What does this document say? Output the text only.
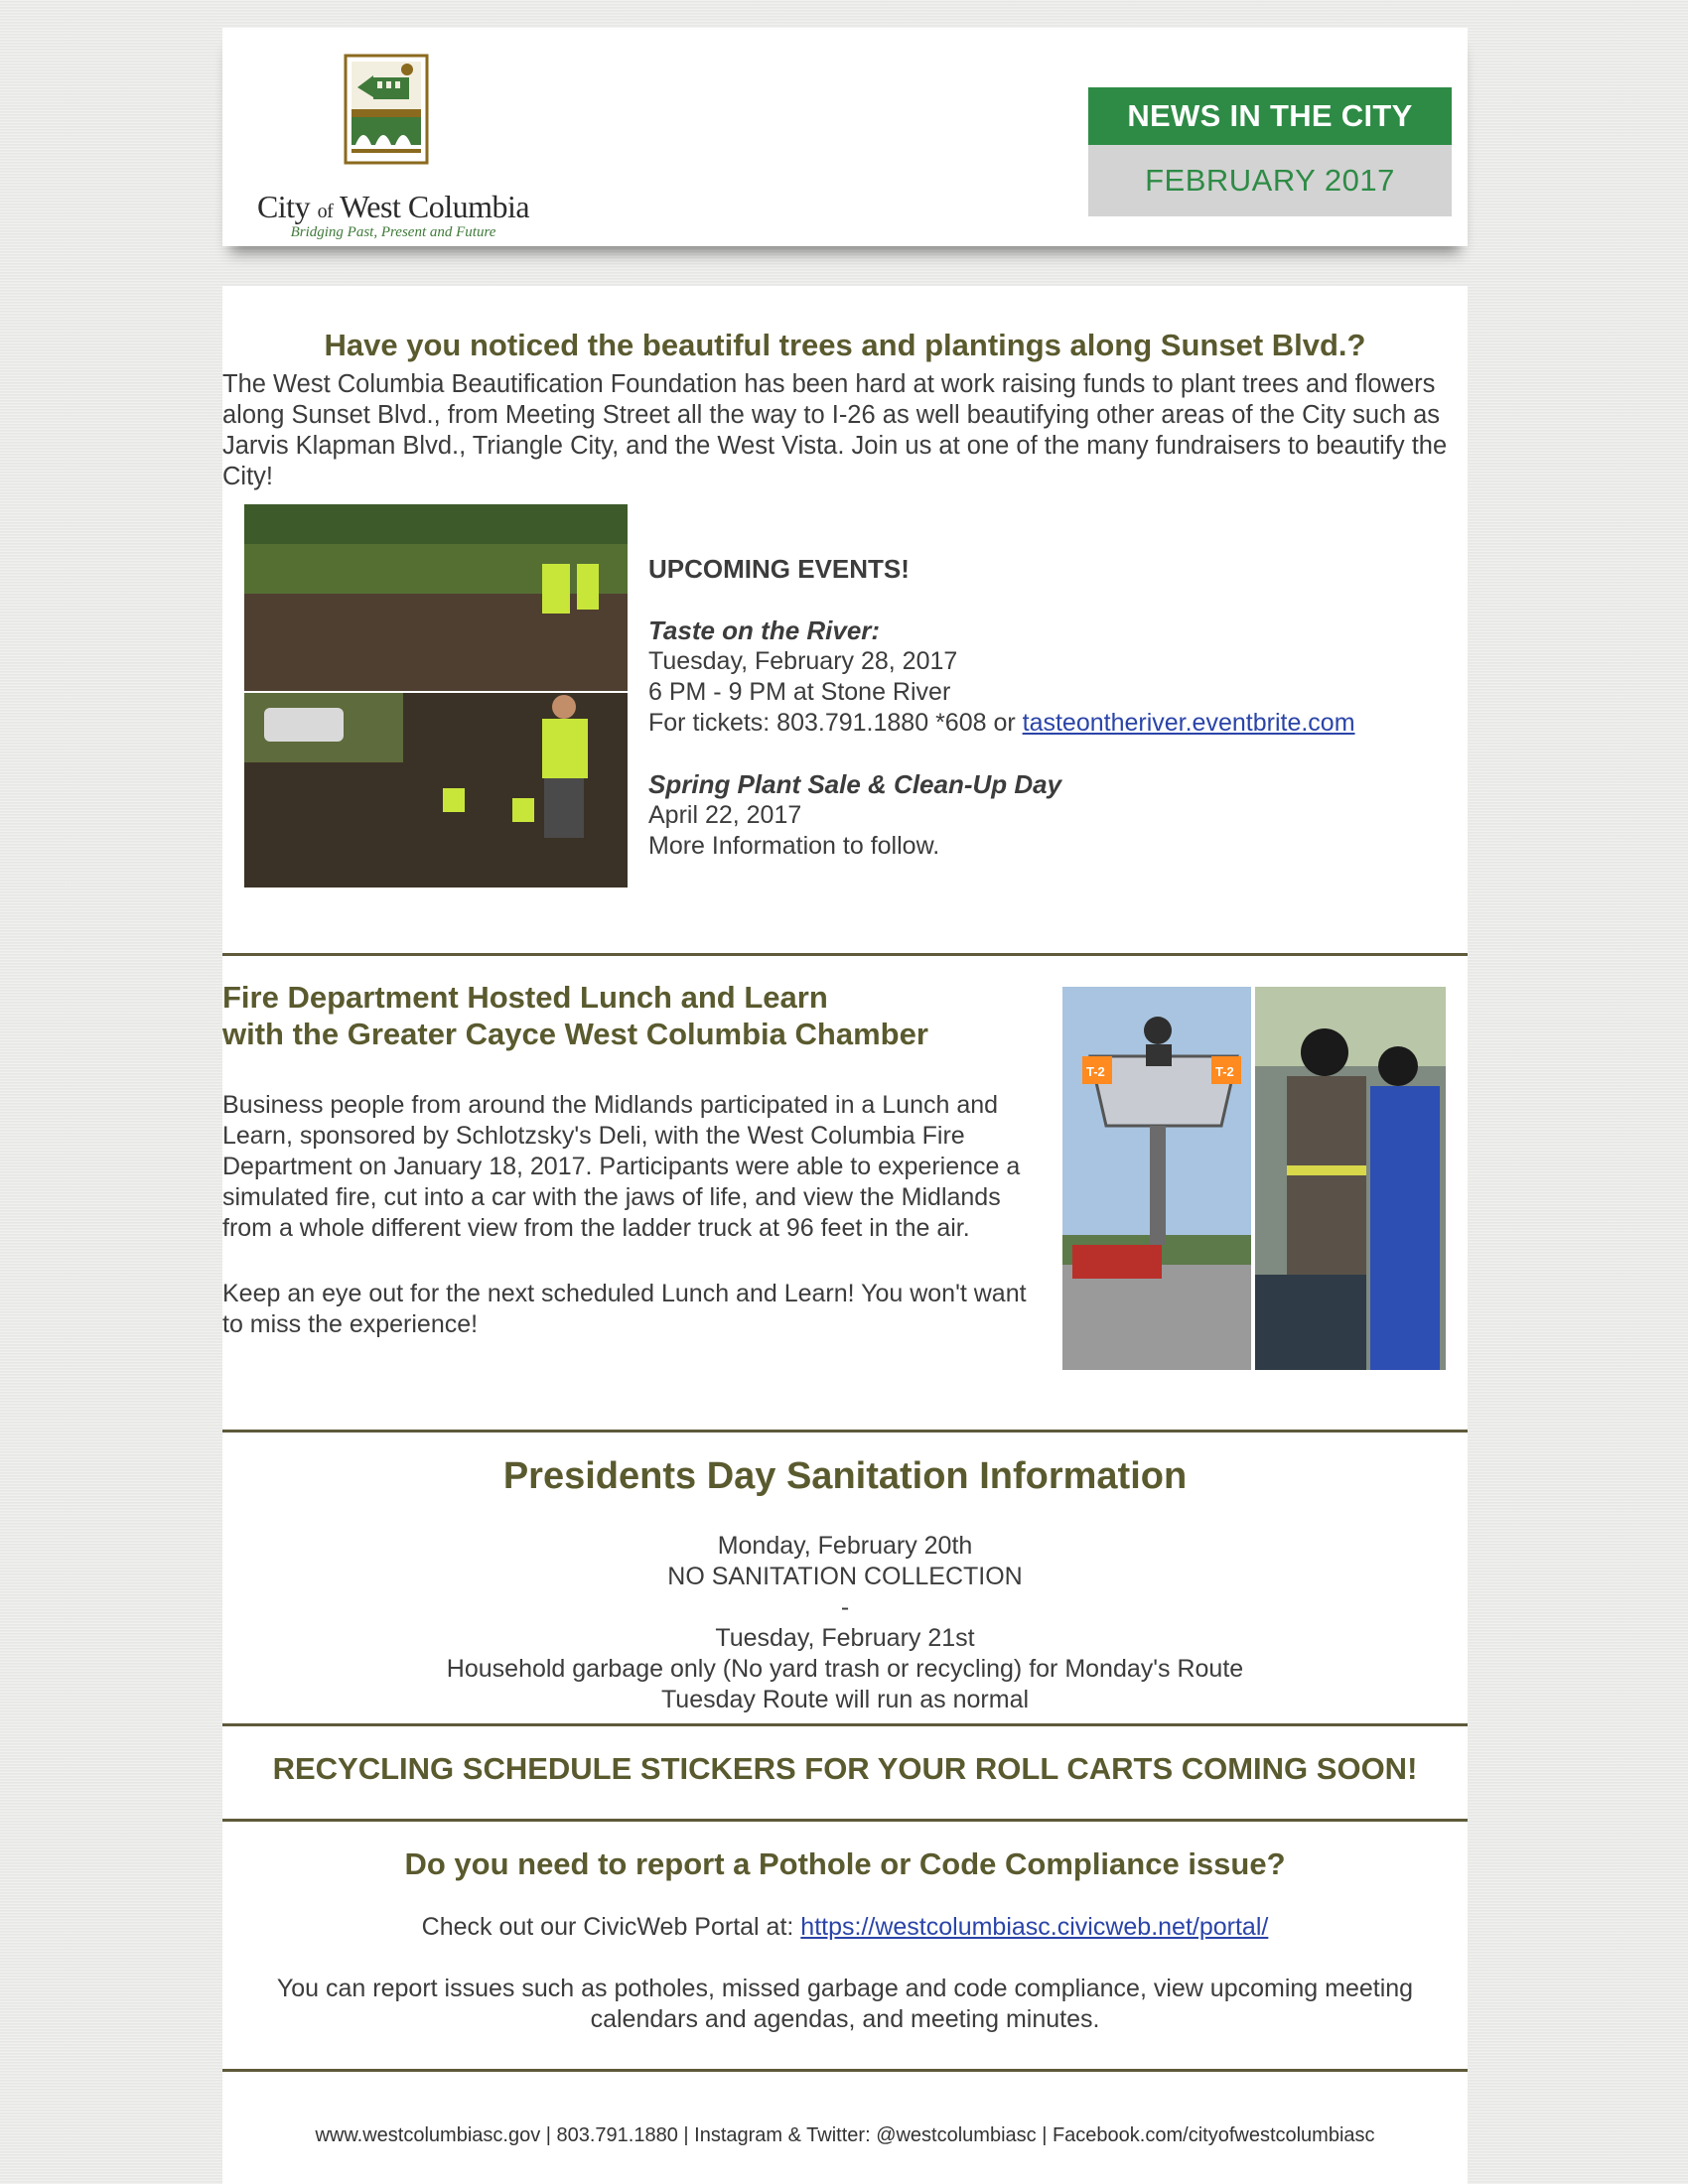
City of West Columbia
Bridging Past, Present and Future
NEWS IN THE CITY
FEBRUARY 2017
Have you noticed the beautiful trees and plantings along Sunset Blvd.?
The West Columbia Beautification Foundation has been hard at work raising funds to plant trees and flowers along Sunset Blvd., from Meeting Street all the way to I-26 as well beautifying other areas of the City such as Jarvis Klapman Blvd., Triangle City, and the West Vista. Join us at one of the many fundraisers to beautify the City!
UPCOMING EVENTS!
Taste on the River:
Tuesday, February 28, 2017
6 PM - 9 PM at Stone River
For tickets: 803.791.1880 *608 or tasteontheriver.eventbrite.com
Spring Plant Sale & Clean-Up Day
April 22, 2017
More Information to follow.
Fire Department Hosted Lunch and Learn
with the Greater Cayce West Columbia Chamber
Business people from around the Midlands participated in a Lunch and Learn, sponsored by Schlotzsky's Deli, with the West Columbia Fire Department on January 18, 2017. Participants were able to experience a simulated fire, cut into a car with the jaws of life, and view the Midlands from a whole different view from the ladder truck at 96 feet in the air.
Keep an eye out for the next scheduled Lunch and Learn! You won't want to miss the experience!
T-2	T-2
Presidents Day Sanitation Information
Monday, February 20th
NO SANITATION COLLECTION
-
Tuesday, February 21st
Household garbage only (No yard trash or recycling) for Monday's Route
Tuesday Route will run as normal
RECYCLING SCHEDULE STICKERS FOR YOUR ROLL CARTS COMING SOON!
Do you need to report a Pothole or Code Compliance issue?
Check out our CivicWeb Portal at: https://westcolumbiasc.civicweb.net/portal/
You can report issues such as potholes, missed garbage and code compliance, view upcoming meeting calendars and agendas, and meeting minutes.
www.westcolumbiasc.gov | 803.791.1880 | Instagram & Twitter: @westcolumbiasc | Facebook.com/cityofwestcolumbiasc
